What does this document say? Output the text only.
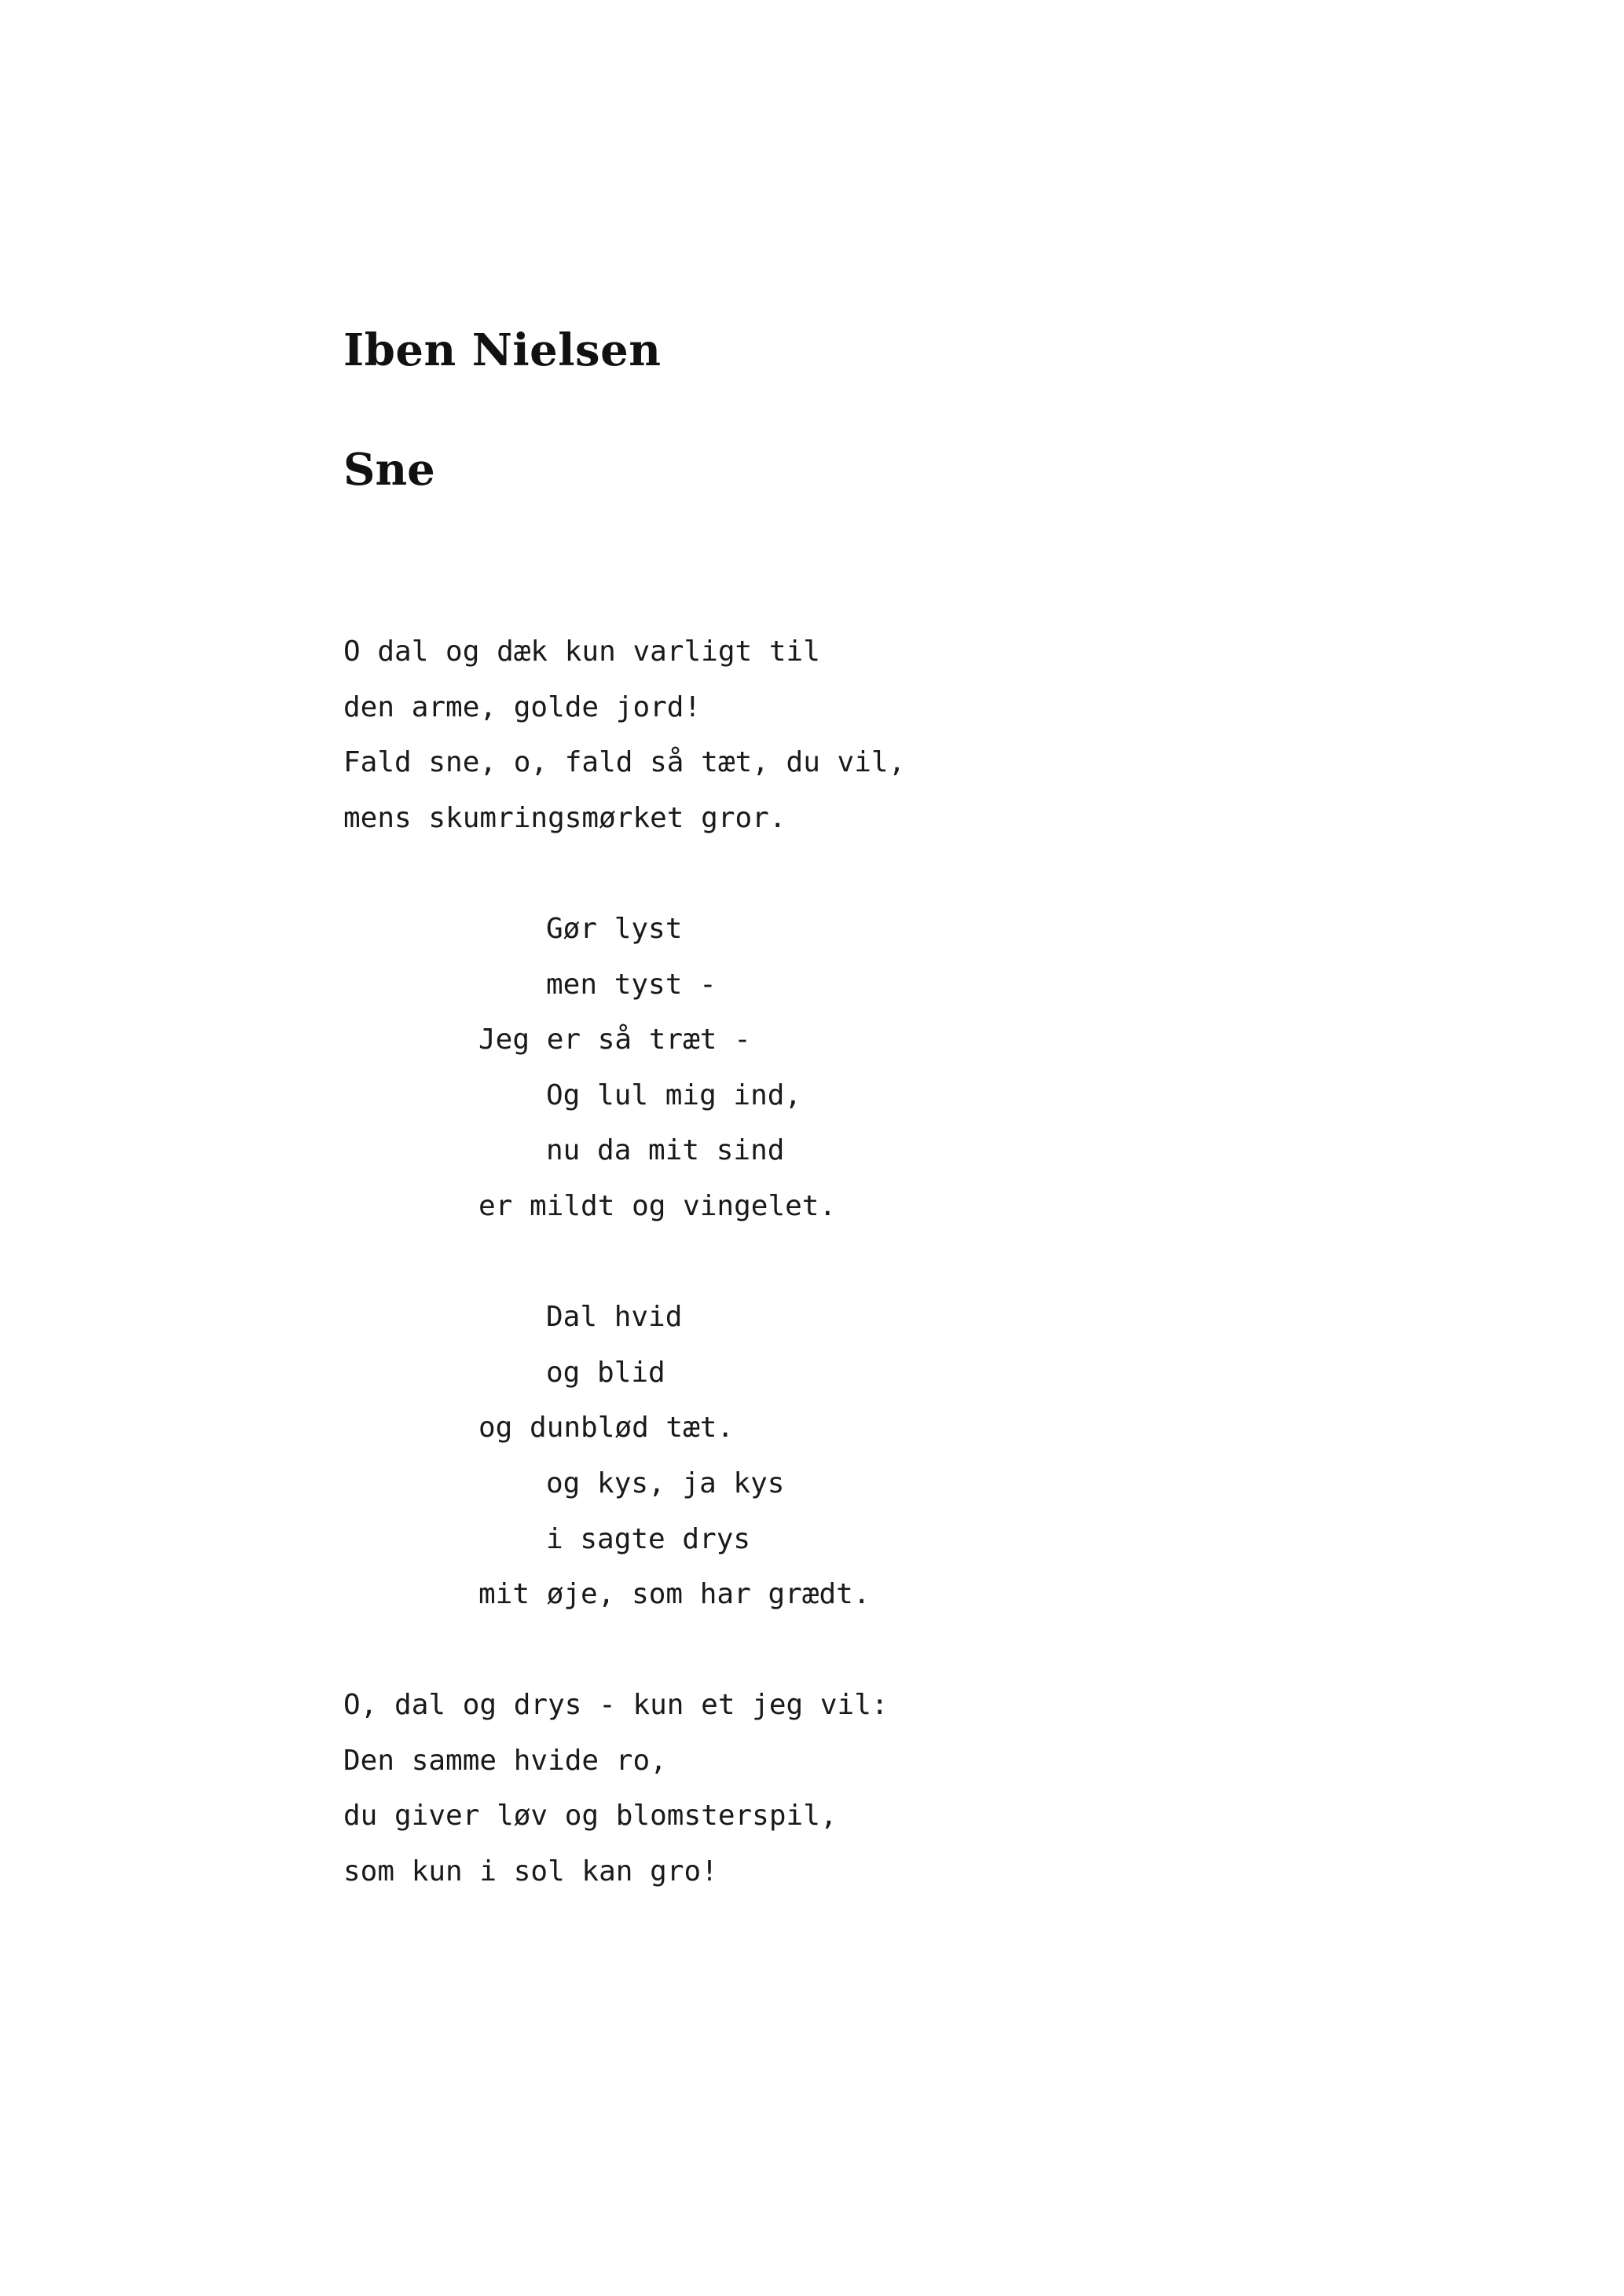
Iben Nielsen
Sne
O dal og dæk kun varligt til
den arme, golde jord!
Fald sne, o, fald så tæt, du vil,
mens skumringsmørket gror.
Gør lyst
men tyst -
Jeg er så træt -
Og lul mig ind,
nu da mit sind
er mildt og vingelet.
Dal hvid
og blid
og dunblød tæt.
og kys, ja kys
i sagte drys
mit øje, som har grædt.
O, dal og drys - kun et jeg vil:
Den samme hvide ro,
du giver løv og blomsterspil,
som kun i sol kan gro!
